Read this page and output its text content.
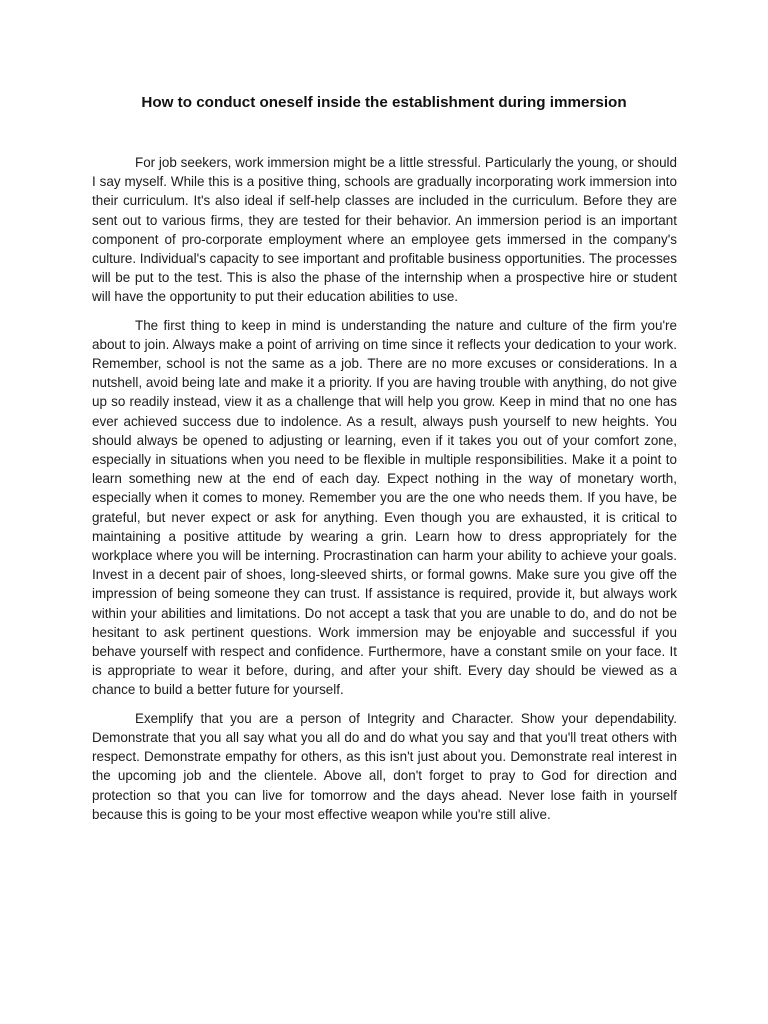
How to conduct oneself inside the establishment during immersion

For job seekers, work immersion might be a little stressful. Particularly the young, or should I say myself. While this is a positive thing, schools are gradually incorporating work immersion into their curriculum. It's also ideal if self-help classes are included in the curriculum. Before they are sent out to various firms, they are tested for their behavior. An immersion period is an important component of pro-corporate employment where an employee gets immersed in the company's culture. Individual's capacity to see important and profitable business opportunities. The processes will be put to the test. This is also the phase of the internship when a prospective hire or student will have the opportunity to put their education abilities to use.

The first thing to keep in mind is understanding the nature and culture of the firm you're about to join. Always make a point of arriving on time since it reflects your dedication to your work. Remember, school is not the same as a job. There are no more excuses or considerations. In a nutshell, avoid being late and make it a priority. If you are having trouble with anything, do not give up so readily instead, view it as a challenge that will help you grow. Keep in mind that no one has ever achieved success due to indolence. As a result, always push yourself to new heights. You should always be opened to adjusting or learning, even if it takes you out of your comfort zone, especially in situations when you need to be flexible in multiple responsibilities. Make it a point to learn something new at the end of each day. Expect nothing in the way of monetary worth, especially when it comes to money. Remember you are the one who needs them. If you have, be grateful, but never expect or ask for anything. Even though you are exhausted, it is critical to maintaining a positive attitude by wearing a grin. Learn how to dress appropriately for the workplace where you will be interning. Procrastination can harm your ability to achieve your goals. Invest in a decent pair of shoes, long-sleeved shirts, or formal gowns. Make sure you give off the impression of being someone they can trust. If assistance is required, provide it, but always work within your abilities and limitations. Do not accept a task that you are unable to do, and do not be hesitant to ask pertinent questions. Work immersion may be enjoyable and successful if you behave yourself with respect and confidence. Furthermore, have a constant smile on your face. It is appropriate to wear it before, during, and after your shift. Every day should be viewed as a chance to build a better future for yourself.

Exemplify that you are a person of Integrity and Character. Show your dependability. Demonstrate that you all say what you all do and do what you say and that you'll treat others with respect. Demonstrate empathy for others, as this isn't just about you. Demonstrate real interest in the upcoming job and the clientele. Above all, don't forget to pray to God for direction and protection so that you can live for tomorrow and the days ahead. Never lose faith in yourself because this is going to be your most effective weapon while you're still alive.
